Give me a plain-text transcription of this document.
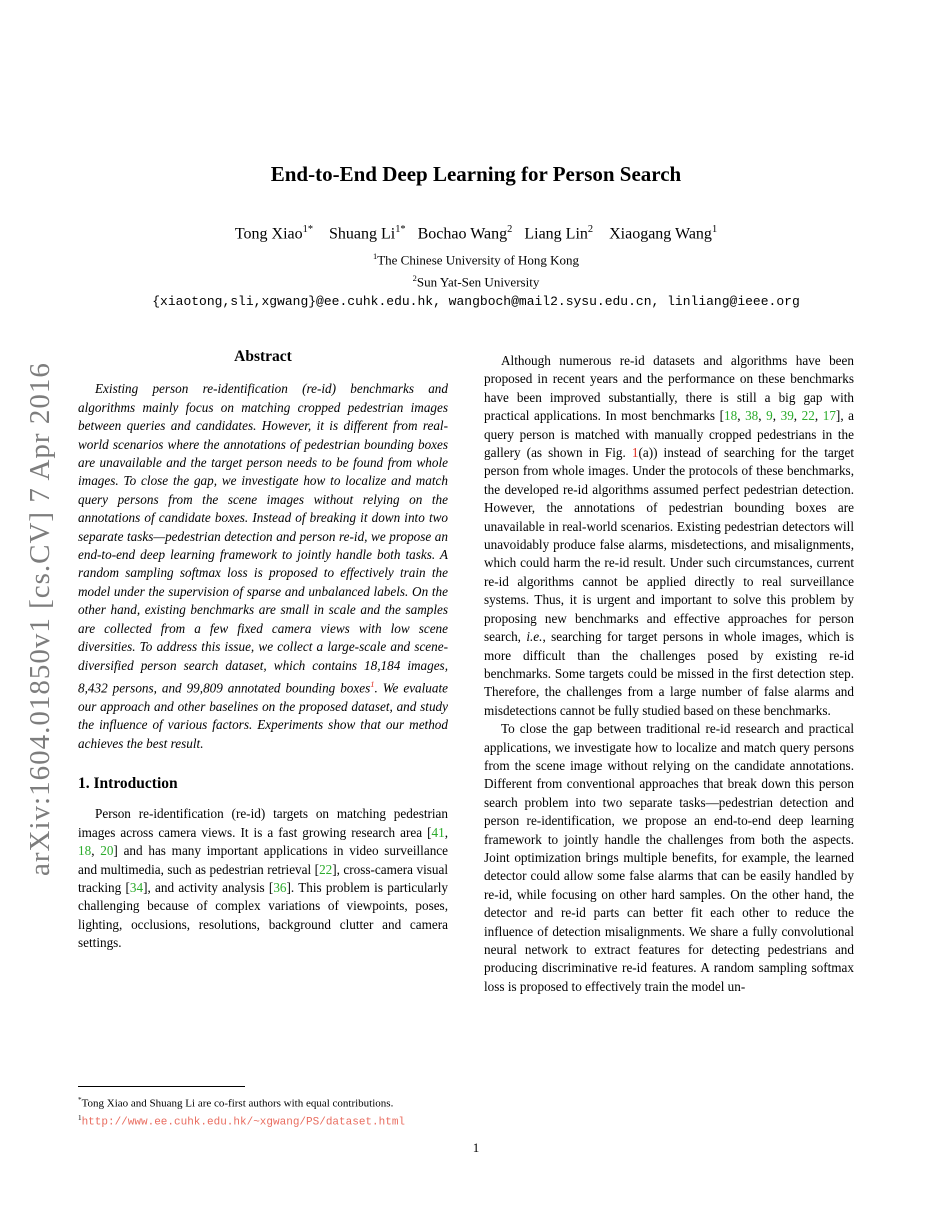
arXiv:1604.01850v1 [cs.CV] 7 Apr 2016
End-to-End Deep Learning for Person Search
Tong Xiao$^{1*}$ Shuang $Li^{1*}$ Bochao Wang$^2$ Liang Lin$^2$ Xiaogang Wang$^1$
$^1$The Chinese University of Hong Kong
$^2$Sun Yat-Sen University
{xiaotong,sli,xgwang}@ee.cuhk.edu.hk, wangboch@mail2.sysu.edu.cn, linliang@ieee.org
Abstract
Existing person re-identification (re-id) benchmarks and algorithms mainly focus on matching cropped pedestrian images between queries and candidates. However, it is different from real-world scenarios where the annotations of pedestrian bounding boxes are unavailable and the target person needs to be found from whole images. To close the gap, we investigate how to localize and match query persons from the scene images without relying on the annotations of candidate boxes. Instead of breaking it down into two separate tasks—pedestrian detection and person re-id, we propose an end-to-end deep learning framework to jointly handle both tasks. A random sampling softmax loss is proposed to effectively train the model under the supervision of sparse and unbalanced labels. On the other hand, existing benchmarks are small in scale and the samples are collected from a few fixed camera views with low scene diversities. To address this issue, we collect a large-scale and scene-diversified person search dataset, which contains 18,184 images, 8,432 persons, and 99,809 annotated bounding boxes$^1$. We evaluate our approach and other baselines on the proposed dataset, and study the influence of various factors. Experiments show that our method achieves the best result.
1. Introduction
Person re-identification (re-id) targets on matching pedestrian images across camera views. It is a fast growing research area [41, 18, 20] and has many important applications in video surveillance and multimedia, such as pedestrian retrieval [22], cross-camera visual tracking [34], and activity analysis [36]. This problem is particularly challenging because of complex variations of viewpoints, poses, lighting, occlusions, resolutions, background clutter and camera settings.
Although numerous re-id datasets and algorithms have been proposed in recent years and the performance on these benchmarks have been improved substantially, there is still a big gap with practical applications. In most benchmarks [18, 38, 9, 39, 22, 17], a query person is matched with manually cropped pedestrians in the gallery (as shown in Fig. 1(a)) instead of searching for the target person from whole images. Under the protocols of these benchmarks, the developed re-id algorithms assumed perfect pedestrian detection. However, the annotations of pedestrian bounding boxes are unavailable in real-world scenarios. Existing pedestrian detectors will unavoidably produce false alarms, misdetections, and misalignments, which could harm the re-id result. Under such circumstances, current re-id algorithms cannot be applied directly to real surveillance systems. Thus, it is urgent and important to solve this problem by proposing new benchmarks and effective approaches for person search, i.e., searching for target persons in whole images, which is more difficult than the challenges posed by existing re-id benchmarks. Some targets could be missed in the first detection step. Therefore, the challenges from a large number of false alarms and misdetections cannot be fully studied based on these benchmarks.
To close the gap between traditional re-id research and practical applications, we investigate how to localize and match query persons from the scene image without relying on the candidate annotations. Different from conventional approaches that break down this person search problem into two separate tasks—pedestrian detection and person re-identification, we propose an end-to-end deep learning framework to jointly handle the challenges from both the aspects. Joint optimization brings multiple benefits, for example, the learned detector could allow some false alarms that can be easily handled by re-id, while focusing on other hard samples. On the other hand, the detector and re-id parts can better fit each other to reduce the influence of detection misalignments. We share a fully convolutional neural network to extract features for detecting pedestrians and producing discriminative re-id features. A random sampling softmax loss is proposed to effectively train the model un-
*Tong Xiao and Shuang Li are co-first authors with equal contributions.
$^1$http://www.ee.cuhk.edu.hk/~xgwang/PS/dataset.html
1
